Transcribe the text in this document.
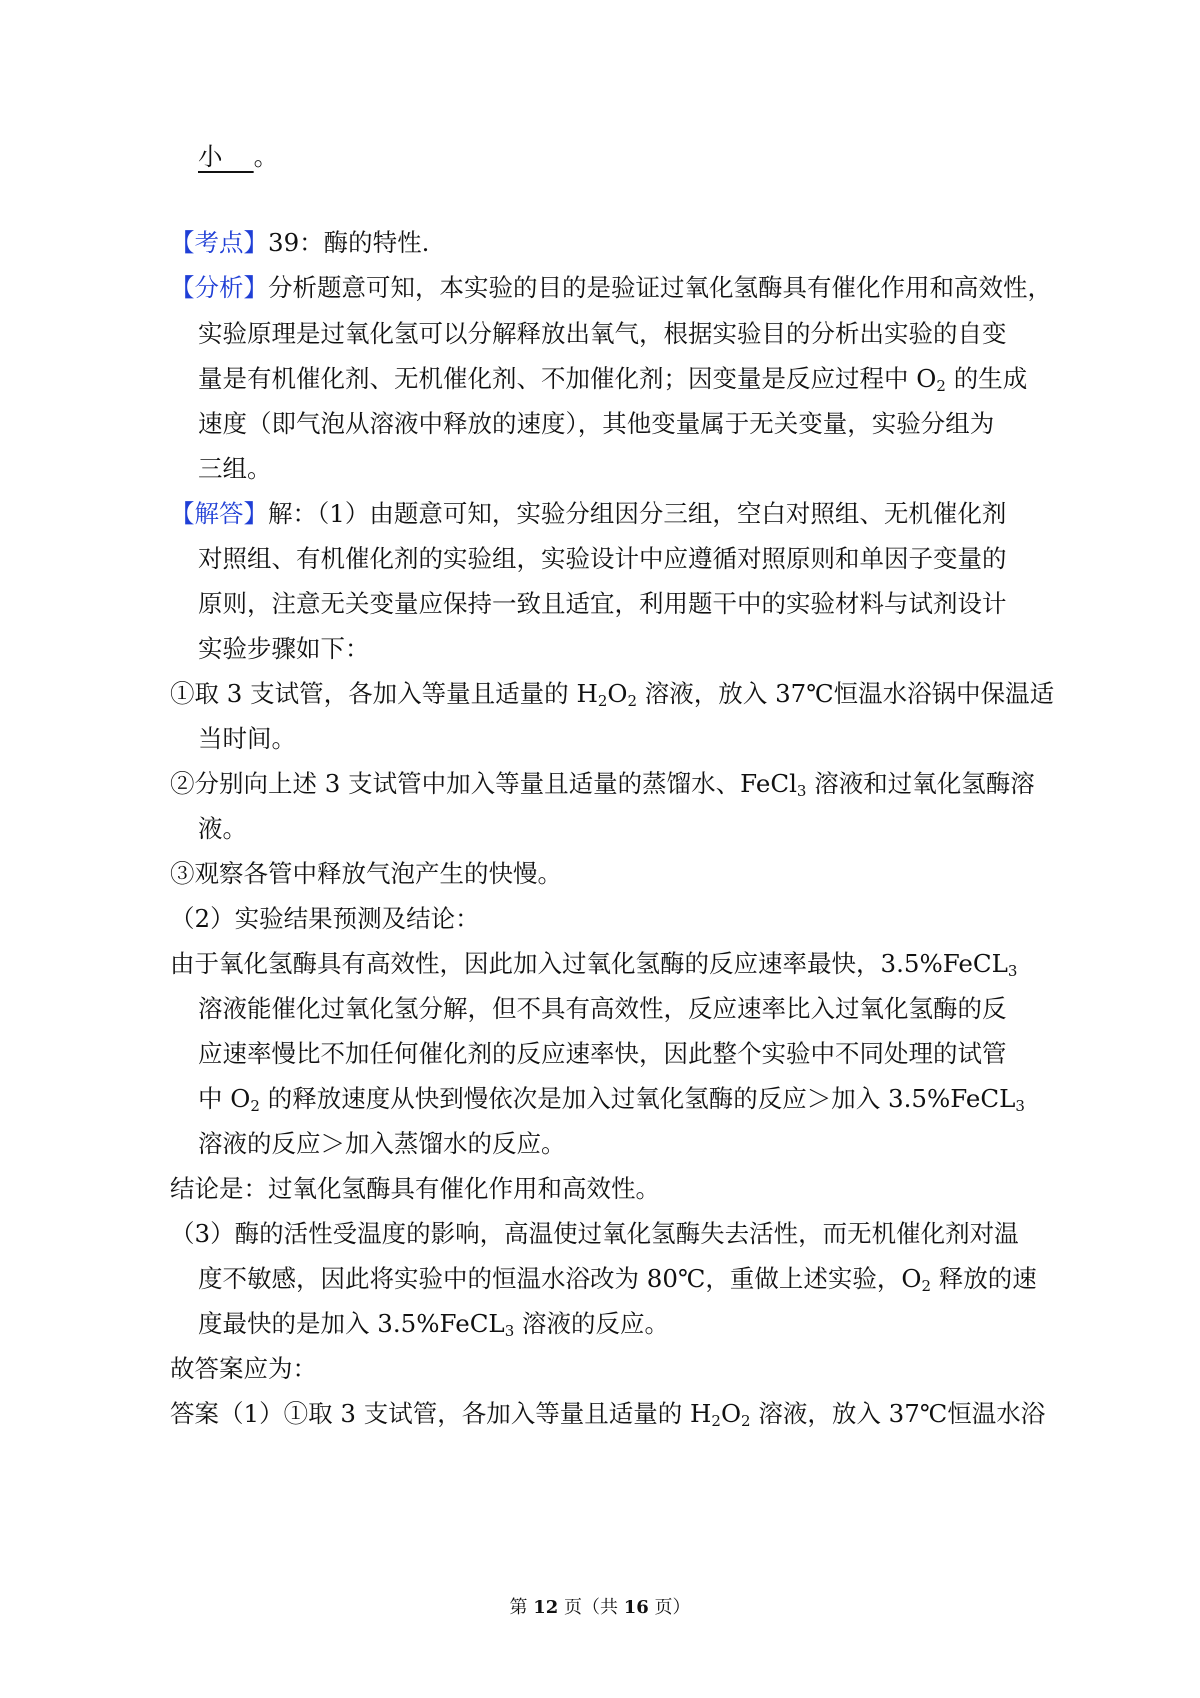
小 。
【考点】39：酶的特性.
【分析】分析题意可知，本实验的目的是验证过氧化氢酶具有催化作用和高效性，
实验原理是过氧化氢可以分解释放出氧气，根据实验目的分析出实验的自变
量是有机催化剂、无机催化剂、不加催化剂；因变量是反应过程中 $O_2$ 的生成
速度（即气泡从溶液中释放的速度），其他变量属于无关变量，实验分组为
三组。
【解答】解：（1）由题意可知，实验分组因分三组，空白对照组、无机催化剂
对照组、有机催化剂的实验组，实验设计中应遵循对照原则和单因子变量的
原则，注意无关变量应保持一致且适宜，利用题干中的实验材料与试剂设计
实验步骤如下：
①取 3 支试管，各加入等量且适量的 $H_2O_2$ 溶液，放入 37℃恒温水浴锅中保温适
当时间。
②分别向上述 3 支试管中加入等量且适量的蒸馏水、FeCl$_3$ 溶液和过氧化氢酶溶
液。
③观察各管中释放气泡产生的快慢。
（2）实验结果预测及结论：
由于氧化氢酶具有高效性，因此加入过氧化氢酶的反应速率最快，3.5%FeCL$_3$
溶液能催化过氧化氢分解，但不具有高效性，反应速率比入过氧化氢酶的反
应速率慢比不加任何催化剂的反应速率快，因此整个实验中不同处理的试管
中 $O_2$ 的释放速度从快到慢依次是加入过氧化氢酶的反应＞加入 3.5%FeCL$_3$
溶液的反应＞加入蒸馏水的反应。
结论是：过氧化氢酶具有催化作用和高效性。
（3）酶的活性受温度的影响，高温使过氧化氢酶失去活性，而无机催化剂对温
度不敏感，因此将实验中的恒温水浴改为 80℃，重做上述实验，$O_2$ 释放的速
度最快的是加入 3.5%FeCL$_3$ 溶液的反应。
故答案应为：
答案（1）①取 3 支试管，各加入等量且适量的 $H_2O_2$ 溶液，放入 37℃恒温水浴
第 12 页（共 16 页）
